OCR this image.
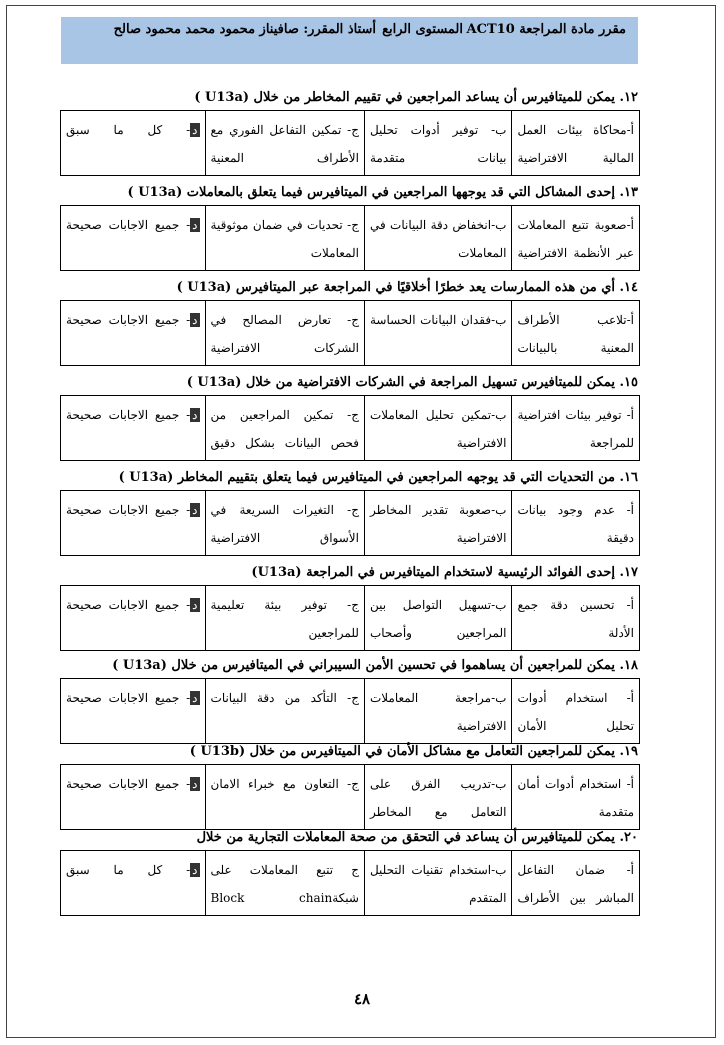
مقرر مادة المراجعة ACT10
المستوى الرابع
أستاذ المقرر: صافيناز محمود محمد محمود صالح
١٢. يمكن للميتافيرس أن يساعد المراجعين في تقييم المخاطر من خلال (U13a )
أ-محاكاة بيئات العمل المالية الافتراضية
ب- توفير أدوات تحليل بيانات متقدمة
ج- تمكين التفاعل الفوري مع الأطراف المعنية
د- كل ما سبق
١٣. إحدى المشاكل التي قد يوجهها المراجعين في الميتافيرس فيما يتعلق بالمعاملات (U13a )
أ-صعوبة تتبع المعاملات عبر الأنظمة الافتراضية
ب-انخفاض دقة البيانات في المعاملات
ج- تحديات في ضمان موثوقية المعاملات
د- جميع الاجابات صحيحة
١٤. أي من هذه الممارسات يعد خطرًا أخلاقيًا في المراجعة عبر الميتافيرس (U13a )
أ-تلاعب الأطراف المعنية بالبيانات
ب-فقدان البيانات الحساسة
ج- تعارض المصالح في الشركات الافتراضية
د- جميع الاجابات صحيحة
١٥. يمكن للميتافيرس تسهيل المراجعة في الشركات الافتراضية من خلال (U13a )
أ- توفير بيئات افتراضية للمراجعة
ب-تمكين تحليل المعاملات الافتراضية
ج- تمكين المراجعين من فحص البيانات بشكل دقيق
د- جميع الاجابات صحيحة
١٦. من التحديات التي قد يوجهه المراجعين في الميتافيرس فيما يتعلق بتقييم المخاطر (U13a )
أ- عدم وجود بيانات دقيقة
ب-صعوبة تقدير المخاطر الافتراضية
ج- التغيرات السريعة في الأسواق الافتراضية
د- جميع الاجابات صحيحة
١٧. إحدى الفوائد الرئيسية لاستخدام الميتافيرس في المراجعة (U13a)
أ- تحسين دقة جمع الأدلة
ب-تسهيل التواصل بين المراجعين وأصحاب
ج- توفير بيئة تعليمية للمراجعين
د- جميع الاجابات صحيحة
١٨. يمكن للمراجعين أن يساهموا في تحسين الأمن السيبراني في الميتافيرس من خلال (U13a )
أ- استخدام أدوات تحليل الأمان
ب-مراجعة المعاملات الافتراضية
ج- التأكد من دقة البيانات
د- جميع الاجابات صحيحة
١٩. يمكن للمراجعين التعامل مع مشاكل الأمان في الميتافيرس من خلال (U13b )
أ- استخدام أدوات أمان متقدمة
ب-تدريب الفرق على التعامل مع المخاطر
ج- التعاون مع خبراء الامان
د- جميع الاجابات صحيحة
٢٠. يمكن للميتافيرس أن يساعد في التحقق من صحة المعاملات التجارية من خلال
أ- ضمان التفاعل المباشر بين الأطراف
ب-استخدام تقنيات التحليل المتقدم
ج تتبع المعاملات على شبكةBlock chain
د- كل ما سبق
٤٨
